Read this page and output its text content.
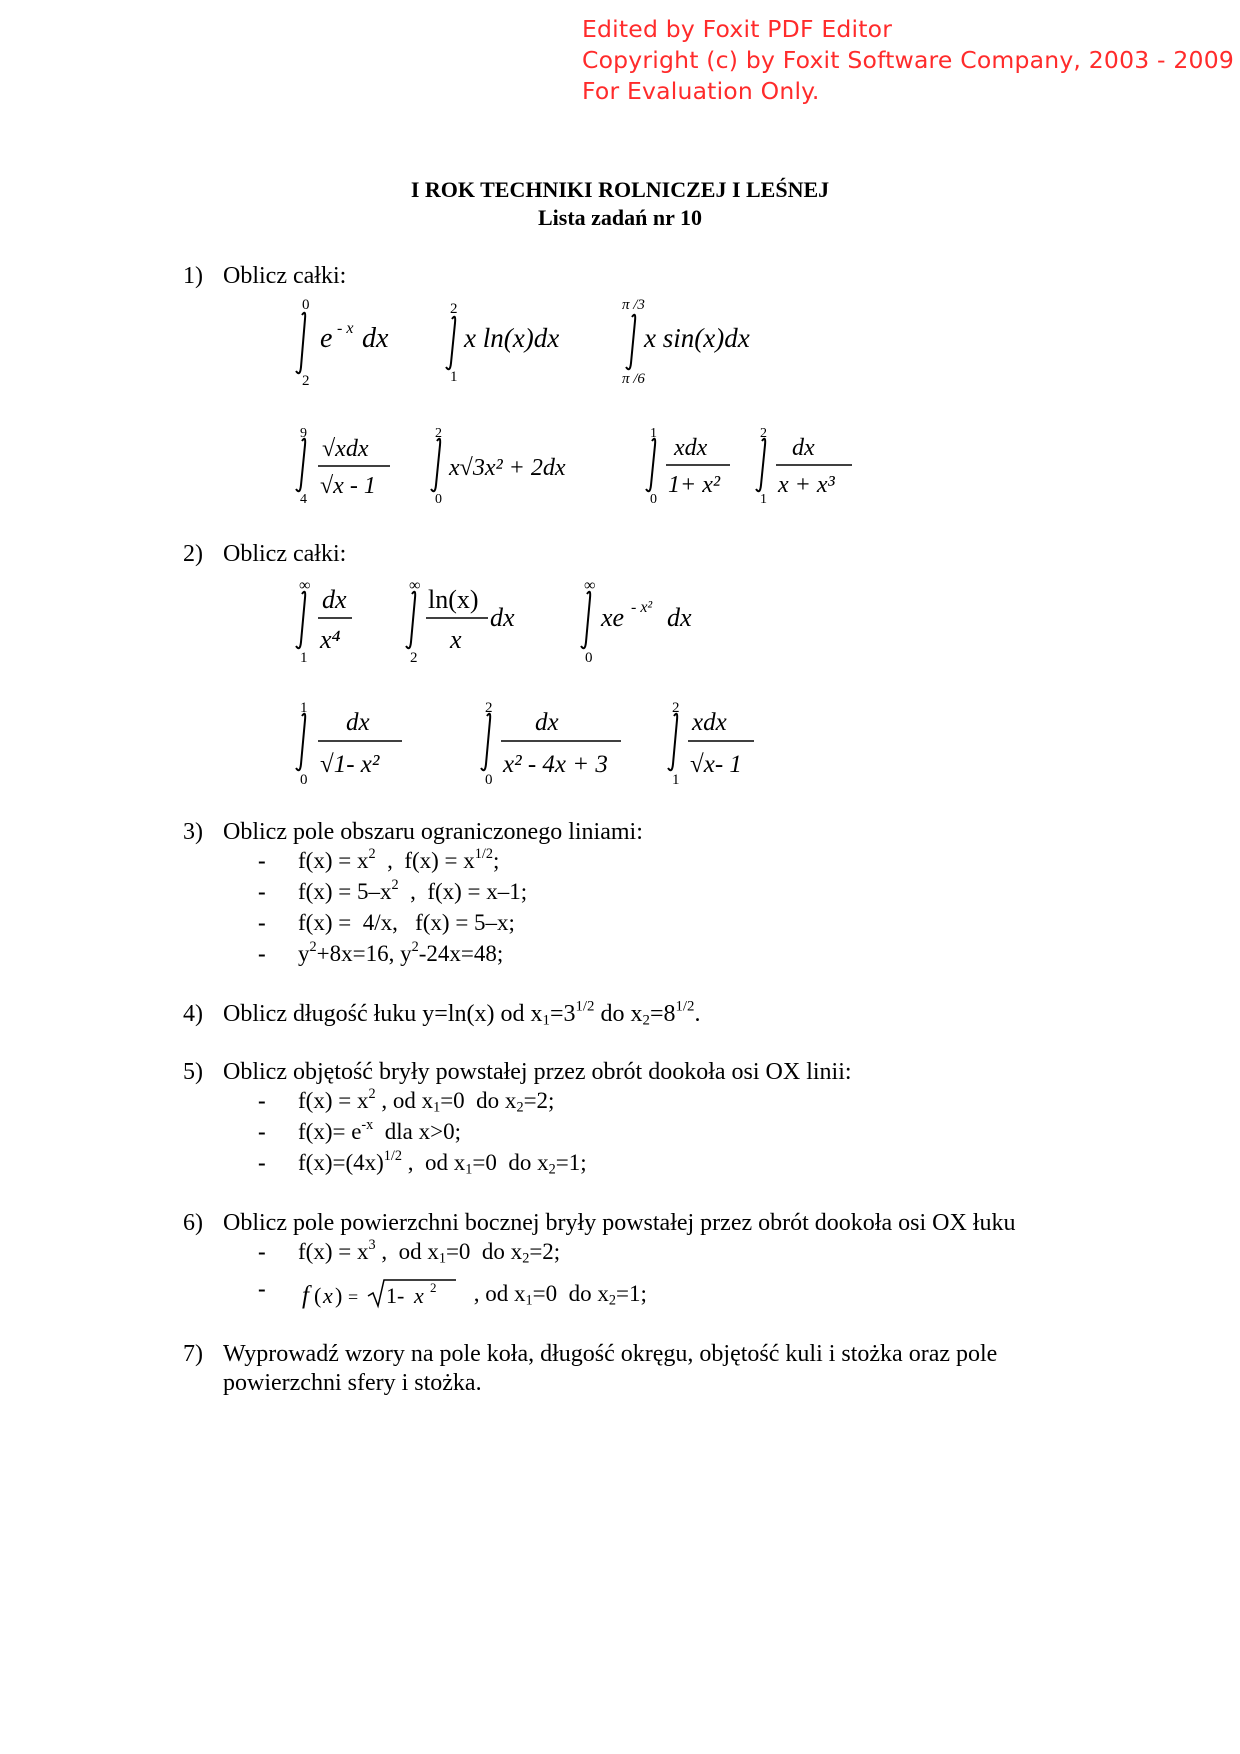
Edited by Foxit PDF Editor
Copyright (c) by Foxit Software Company, 2003 - 2009
For Evaluation Only.
I ROK TECHNIKI ROLNICZEJ I LEŚNEJ
Lista zadań nr 10
1) Oblicz całki:
0
2
e - x dx
2
1
x ln(x)dx
π /3
π /6
x sin(x)dx
9
4
√xdx
√x - 1
2
0
x√3x² + 2dx
1
0
xdx
1+ x²
2
1
dx
x + x³
2) Oblicz całki:
∞
1
dx
x⁴
∞
2
ln(x)
x
dx
∞
0
xe - x² dx
1
0
dx
√1- x²
2
0
dx
x² - 4x + 3
2
1
xdx
√x- 1
3) Oblicz pole obszaru ograniczonego liniami:
- $f(x) = x^2$  ,  $f(x) = x^{1/2}$;
- $f(x) = 5-x^2$  ,  f(x) = x–1;
- f(x) =  4/x,   f(x) = 5–x;
- $y^2+8x=16$, $y^2-24x=48$;
4) Oblicz długość łuku y=ln(x) od $x_1=3^{1/2}$ do $x_2=8^{1/2}$.
5) Oblicz objętość bryły powstałej przez obrót dookoła osi OX linii:
- $f(x) = x^2$ , od $x_1=0$  do $x_2=2$;
- $f(x)= e^{-x}$  dla x>0;
- $f(x)=(4x)^{1/2}$ ,  od $x_1=0$  do $x_2=1$;
6) Oblicz pole powierzchni bocznej bryły powstałej przez obrót dookoła osi OX łuku
- $f(x) = x^3$ ,  od $x_1=0$  do $x_2=2$;
- f ( x ) = 1- x 2 , od $x_1=0$  do $x_2=1$;
7) Wyprowadź wzory na pole koła, długość okręgu, objętość kuli i stożka oraz pole powierzchni sfery i stożka.
